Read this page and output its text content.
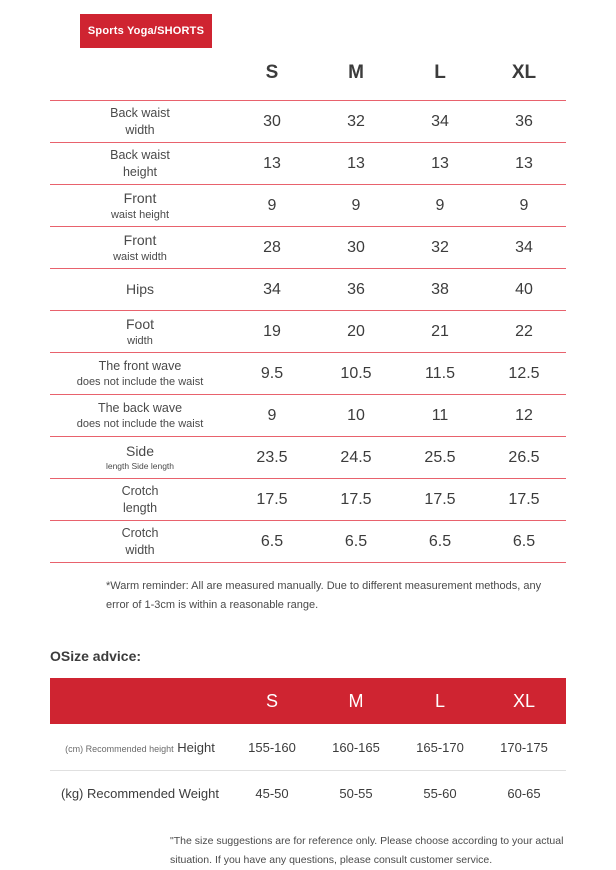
Sports Yoga/SHORTS
	S	M	L	XL

Back waist
width	30	32	34	36

Back waist
height	13	13	13	13

Front
waist height	9	9	9	9

Front
waist width	28	30	32	34

Hips	34	36	38	40

Foot
width	19	20	21	22

The front wave
does not include the waist	9.5	10.5	11.5	12.5

The back wave
does not include the waist	9	10	11	12

Side
length Side length	23.5	24.5	25.5	26.5

Crotch
length	17.5	17.5	17.5	17.5

Crotch
width	6.5	6.5	6.5	6.5
*Warm reminder: All are measured manually. Due to different measurement methods, any error of 1-3cm is within a reasonable range.
OSize advice:
	S	M	L	XL
(cm) Recommended height Height	155-160	160-165	165-170	170-175
(kg) Recommended Weight	45-50	50-55	55-60	60-65
"The size suggestions are for reference only. Please choose according to your actual situation. If you have any questions, please consult customer service.
